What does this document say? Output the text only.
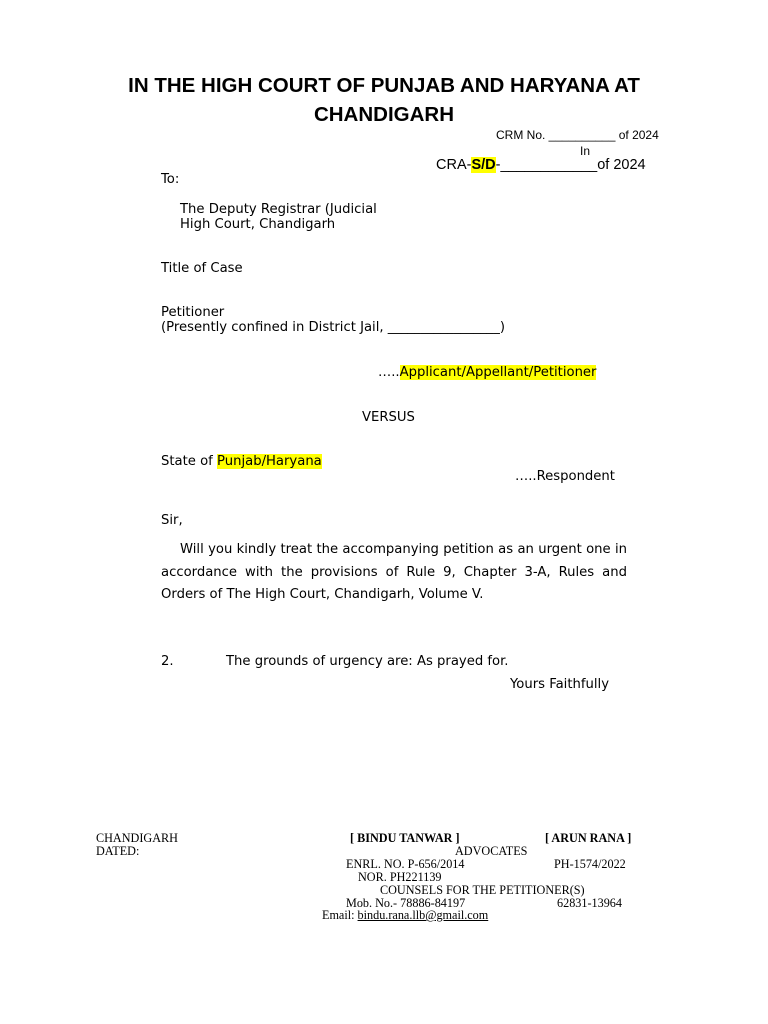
IN THE HIGH COURT OF PUNJAB AND HARYANA AT
CHANDIGARH
CRM No. __________ of 2024
In
CRA-S/D-____________of 2024
To:
The Deputy Registrar (Judicial
High Court, Chandigarh
Title of Case
Petitioner
(Presently confined in District Jail, _________________)
…..Applicant/Appellant/Petitioner
VERSUS
State of Punjab/Haryana
…..Respondent
Sir,
Will you kindly treat the accompanying petition as an urgent one in accordance with the provisions of Rule 9, Chapter 3-A, Rules and Orders of The High Court, Chandigarh, Volume V.
2.	The grounds of urgency are: As prayed for.
Yours Faithfully
CHANDIGARH
DATED:
[ BINDU TANWAR ]	[ ARUN RANA ]
ADVOCATES
ENRL. NO. P-656/2014	PH-1574/2022
NOR. PH221139
COUNSELS FOR THE PETITIONER(S)
Mob. No.- 78886-84197	62831-13964
Email: bindu.rana.llb@gmail.com
